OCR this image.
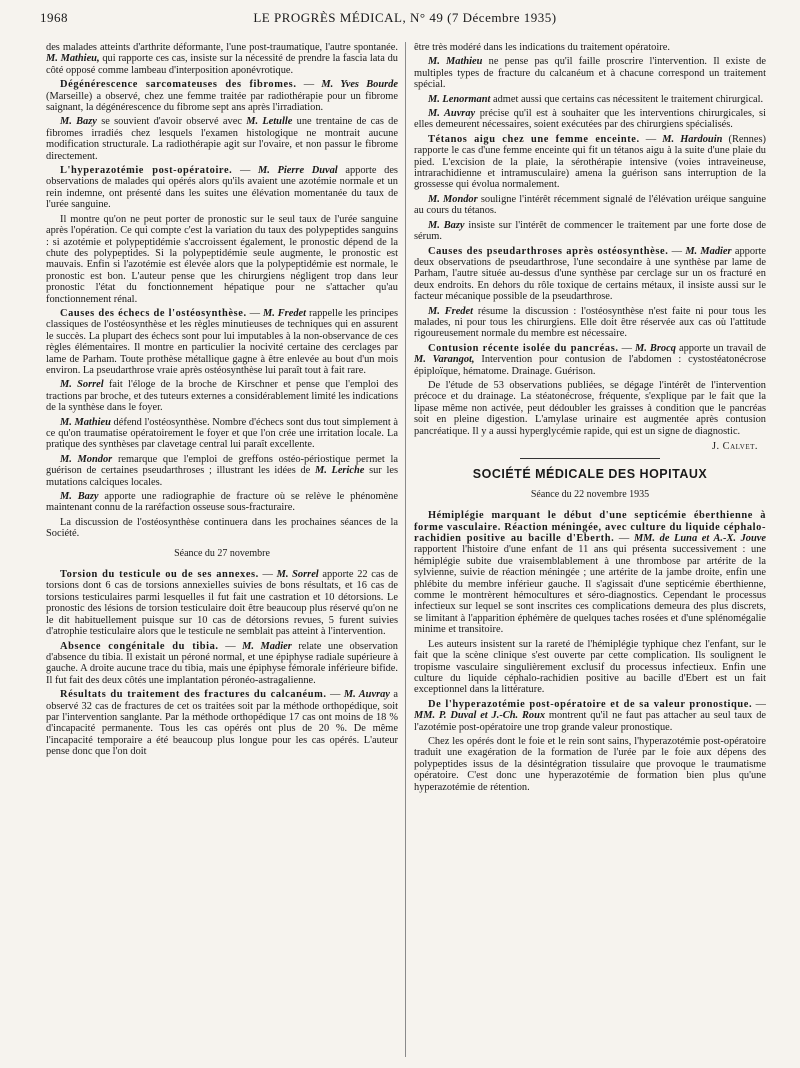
1968	LE PROGRÈS MÉDICAL, N° 49 (7 Décembre 1935)

des malades atteints d'arthrite déformante, l'une post-traumatique, l'autre spontanée. M. Mathieu, qui rapporte ces cas, insiste sur la nécessité de prendre la fascia lata du côté opposé comme lambeau d'interposition aponévrotique.

Dégénérescence sarcomateuses des fibromes. — M. Yves Bourde (Marseille) a observé, chez une femme traitée par radiothérapie pour un fibrome saignant, la dégénérescence du fibrome sept ans après l'irradiation.

M. Bazy se souvient d'avoir observé avec M. Letulle une trentaine de cas de fibromes irradiés chez lesquels l'examen histologique ne montrait aucune modification structurale. La radiothérapie agit sur l'ovaire, et non passur le fibrome directement.

L'hyperazotémie post-opératoire. — M. Pierre Duval apporte des observations de malades qui opérés alors qu'ils avaient une azotémie normale et un rein indemne, ont présenté dans les suites une élévation momentanée du taux de l'urée sanguine.

Il montre qu'on ne peut porter de pronostic sur le seul taux de l'urée sanguine après l'opération. Ce qui compte c'est la variation du taux des polypeptides sanguins : si azotémie et polypeptidémie s'accroissent également, le pronostic dépend de la chute des polypeptides. Si la polypeptidémie seule augmente, le pronostic est mauvais. Enfin si l'azotémie est élevée alors que la polypeptidémie est normale, le pronostic est bon. L'auteur pense que les chirurgiens négligent trop dans leur pronostic l'état du fonctionnement hépatique pour ne s'attacher qu'au fonctionnement rénal.

Causes des échecs de l'ostéosynthèse. — M. Fredet rappelle les principes classiques de l'ostéosynthèse et les règles minutieuses de techniques qui en assurent le succès. La plupart des échecs sont pour lui imputables à la non-observance de ces règles élémentaires. Il montre en particulier la nocivité certaine des cerclages par lame de Parham. Toute prothèse métallique gagne à être enlevée au bout d'un mois environ. La pseudarthrose vraie après ostéosynthèse lui paraît tout à fait rare.

M. Sorrel fait l'éloge de la broche de Kirschner et pense que l'emploi des tractions par broche, et des tuteurs externes a considérablement limité les indications de la synthèse dans le foyer.

M. Mathieu défend l'ostéosynthèse. Nombre d'échecs sont dus tout simplement à ce qu'on traumatise opératoirement le foyer et que l'on crée une irritation locale. La pratique des synthèses par clavetage central lui paraît excellente.

M. Mondor remarque que l'emploi de greffons ostéo-périostique permet la guérison de certaines pseudarthroses ; illustrant les idées de M. Leriche sur les mutations calciques locales.

M. Bazy apporte une radiographie de fracture où se relève le phénomène maintenant connu de la raréfaction osseuse sous-fracturaire.

La discussion de l'ostéosynthèse continuera dans les prochaines séances de la Société.

Séance du 27 novembre

Torsion du testicule ou de ses annexes. — M. Sorrel apporte 22 cas de torsions dont 6 cas de torsions annexielles suivies de bons résultats, et 16 cas de torsions testiculaires parmi lesquelles il fut fait une castration et 10 détorsions. Le pronostic des lésions de torsion testiculaire doit être beaucoup plus réservé qu'on ne le dit habituellement puisque sur 10 cas de détorsions revues, 5 furent suivies d'atrophie testiculaire alors que le testicule ne semblait pas atteint à l'intervention.

Absence congénitale du tibia. — M. Madier relate une observation d'absence du tibia. Il existait un péroné normal, et une épiphyse radiale supérieure à gauche. A droite aucune trace du tibia, mais une épiphyse fémorale inférieure bifide. Il fut fait des deux côtés une implantation péronéo-astragalienne.

Résultats du traitement des fractures du calcanéum. — M. Auvray a observé 32 cas de fractures de cet os traitées soit par la méthode orthopédique, soit par l'intervention sanglante. Par la méthode orthopédique 17 cas ont moins de 18 % d'incapacité permanente. Tous les cas opérés ont plus de 20 %. De même l'incapacité temporaire a été beaucoup plus longue pour les cas opérés. L'auteur pense donc que l'on doit

être très modéré dans les indications du traitement opératoire.

M. Mathieu ne pense pas qu'il faille proscrire l'intervention. Il existe de multiples types de fracture du calcanéum et à chacune correspond un traitement spécial.

M. Lenormant admet aussi que certains cas nécessitent le traitement chirurgical.

M. Auvray précise qu'il est à souhaiter que les interventions chirurgicales, si elles demeurent nécessaires, soient exécutées par des chirurgiens spécialisés.

Tétanos aigu chez une femme enceinte. — M. Hardouin (Rennes) rapporte le cas d'une femme enceinte qui fit un tétanos aigu à la suite d'une plaie du pied. L'excision de la plaie, la sérothérapie intensive (voies intraveineuse, intrarachidienne et intramusculaire) amena la guérison sans interruption de la grossesse qui évolua normalement.

M. Mondor souligne l'intérêt récemment signalé de l'élévation uréique sanguine au cours du tétanos.

M. Bazy insiste sur l'intérêt de commencer le traitement par une forte dose de sérum.

Causes des pseudarthroses après ostéosynthèse. — M. Madier apporte deux observations de pseudarthrose, l'une secondaire à une synthèse par lame de Parham, l'autre située au-dessus d'une synthèse par cerclage sur un os fracturé en deux endroits. En dehors du rôle toxique de certains métaux, il insiste aussi sur le facteur mécanique possible de la pseudarthrose.

M. Fredet résume la discussion : l'ostéosynthèse n'est faite ni pour tous les malades, ni pour tous les chirurgiens. Elle doit être réservée aux cas où l'attitude rigoureusement normale du membre est nécessaire.

Contusion récente isolée du pancréas. — M. Brocq apporte un travail de M. Varangot, Intervention pour contusion de l'abdomen : cystostéatonécrose épiploïque, hématome. Drainage. Guérison.

De l'étude de 53 observations publiées, se dégage l'intérêt de l'intervention précoce et du drainage. La stéatonécrose, fréquente, s'explique par le fait que la lipase même non activée, peut dédoubler les graisses à condition que le pancréas soit en pleine digestion. L'amylase urinaire est augmentée après contusion pancréatique. Il y a aussi hyperglycémie rapide, qui est un signe de diagnostic.

J. Calvet.
SOCIÉTÉ MÉDICALE DES HOPITAUX
Séance du 22 novembre 1935

Hémiplégie marquant le début d'une septicémie éberthienne à forme vasculaire. Réaction méningée, avec culture du liquide céphalo-rachidien positive au bacille d'Eberth. — MM. de Luna et A.-X. Jouve rapportent l'histoire d'une enfant de 11 ans qui présenta successivement : une hémiplégie subite due vraisemblablement à une thrombose par artérite de la sylvienne, suivie de réaction méningée ; une artérite de la jambe droite, enfin une phlébite du membre inférieur gauche. Il s'agissait d'une septicémie éberthienne, comme le montrèrent hémocultures et séro-diagnostics. Cependant le processus infectieux sur lequel se sont inscrites ces complications demeura des plus discrets, se limitant à l'apparition éphémère de quelques taches rosées et d'une splénomégalie minime et transitoire.

Les auteurs insistent sur la rareté de l'hémiplégie typhique chez l'enfant, sur le fait que la scène clinique s'est ouverte par cette complication. Ils soulignent le tropisme vasculaire singulièrement exclusif du processus infectieux. Enfin une culture du liquide céphalo-rachidien positive au bacille d'Ebert est un fait exceptionnel dans la littérature.

De l'hyperazotémie post-opératoire et de sa valeur pronostique. — MM. P. Duval et J.-Ch. Roux montrent qu'il ne faut pas attacher au seul taux de l'azotémie post-opératoire une trop grande valeur pronostique.

Chez les opérés dont le foie et le rein sont sains, l'hyperazotémie post-opératoire traduit une exagération de la formation de l'urée par le foie aux dépens des polypeptides issus de la désintégration tissulaire que provoque le traumatisme opératoire. C'est donc une hyperazotémie de formation bien plus qu'une hyperazotémie de rétention.
